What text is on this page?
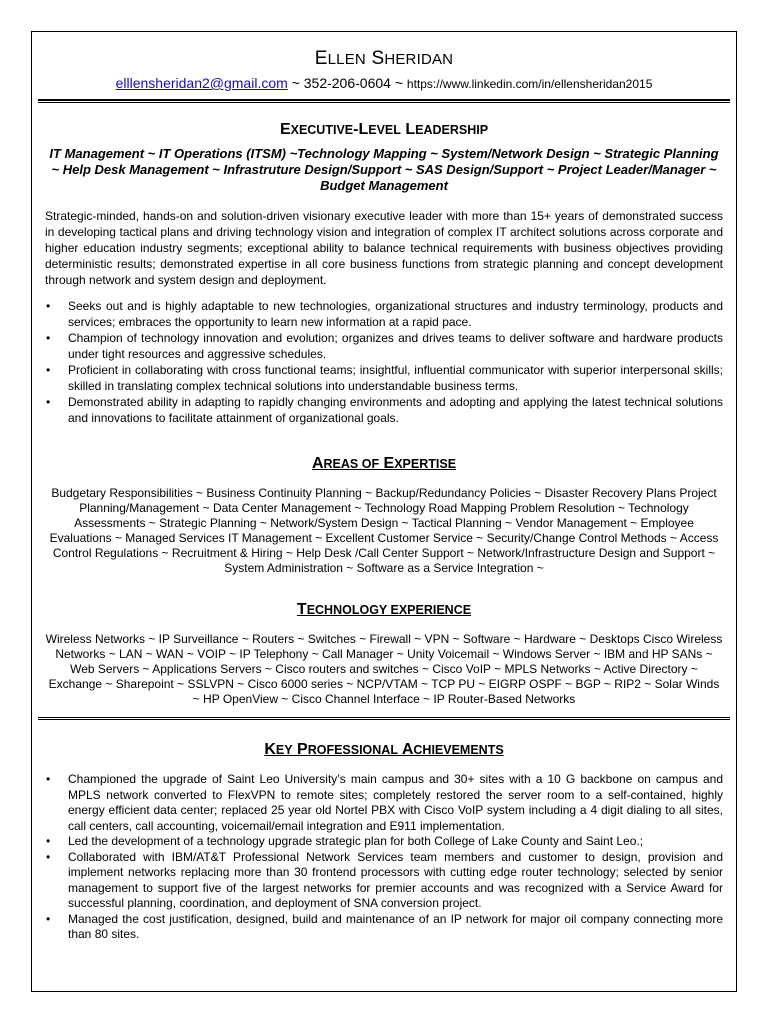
ELLEN SHERIDAN
elllensheridan2@gmail.com ~ 352-206-0604 ~ https://www.linkedin.com/in/ellensheridan2015
EXECUTIVE-LEVEL LEADERSHIP

IT Management ~ IT Operations (ITSM) ~Technology Mapping ~ System/Network Design ~ Strategic Planning ~ Help Desk Management ~ Infrastruture Design/Support ~ SAS Design/Support ~ Project Leader/Manager ~ Budget Management

Strategic-minded, hands-on and solution-driven visionary executive leader with more than 15+ years of demonstrated success in developing tactical plans and driving technology vision and integration of complex IT architect solutions across corporate and higher education industry segments; exceptional ability to balance technical requirements with business objectives providing deterministic results; demonstrated expertise in all core business functions from strategic planning and concept development through network and system design and deployment.

• Seeks out and is highly adaptable to new technologies, organizational structures and industry terminology, products and services; embraces the opportunity to learn new information at a rapid pace.
• Champion of technology innovation and evolution; organizes and drives teams to deliver software and hardware products under tight resources and aggressive schedules.
• Proficient in collaborating with cross functional teams; insightful, influential communicator with superior interpersonal skills; skilled in translating complex technical solutions into understandable business terms.
• Demonstrated ability in adapting to rapidly changing environments and adopting and applying the latest technical solutions and innovations to facilitate attainment of organizational goals.
AREAS OF EXPERTISE

Budgetary Responsibilities ~ Business Continuity Planning ~ Backup/Redundancy Policies ~ Disaster Recovery Plans Project Planning/Management ~ Data Center Management ~ Technology Road Mapping Problem Resolution ~ Technology Assessments ~ Strategic Planning ~ Network/System Design ~ Tactical Planning ~ Vendor Management ~ Employee Evaluations ~ Managed Services IT Management ~ Excellent Customer Service ~ Security/Change Control Methods ~ Access Control Regulations ~ Recruitment & Hiring ~ Help Desk /Call Center Support ~ Network/Infrastructure Design and Support ~ System Administration ~ Software as a Service Integration ~

TECHNOLOGY EXPERIENCE

Wireless Networks ~ IP Surveillance ~ Routers ~ Switches ~ Firewall ~ VPN ~ Software ~ Hardware ~ Desktops Cisco Wireless Networks ~ LAN ~ WAN ~ VOIP ~ IP Telephony ~ Call Manager ~ Unity Voicemail ~ Windows Server ~ IBM and HP SANs ~ Web Servers ~ Applications Servers ~ Cisco routers and switches ~ Cisco VoIP ~ MPLS Networks ~ Active Directory ~ Exchange ~ Sharepoint ~ SSLVPN ~ Cisco 6000 series ~ NCP/VTAM ~ TCP PU ~ EIGRP OSPF ~ BGP ~ RIP2 ~ Solar Winds ~ HP OpenView ~ Cisco Channel Interface ~ IP Router-Based Networks

KEY PROFESSIONAL ACHIEVEMENTS
• Championed the upgrade of Saint Leo University’s main campus and 30+ sites with a 10 G backbone on campus and MPLS network converted to FlexVPN to remote sites; completely restored the server room to a self-contained, highly energy efficient data center; replaced 25 year old Nortel PBX with Cisco VoIP system including a 4 digit dialing to all sites, call centers, call accounting, voicemail/email integration and E911 implementation.
• Led the development of a technology upgrade strategic plan for both College of Lake County and Saint Leo.;
• Collaborated with IBM/AT&T Professional Network Services team members and customer to design, provision and implement networks replacing more than 30 frontend processors with cutting edge router technology; selected by senior management to support five of the largest networks for premier accounts and was recognized with a Service Award for successful planning, coordination, and deployment of SNA conversion project.
• Managed the cost justification, designed, build and maintenance of an IP network for major oil company connecting more than 80 sites.
